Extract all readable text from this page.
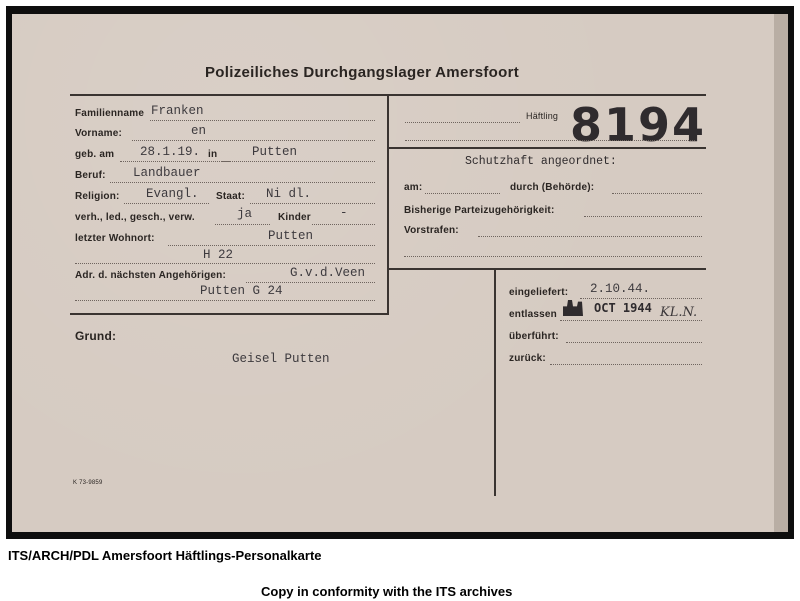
Polizeiliches Durchgangslager Amersfoort
Familienname Franken
Vorname:	en
geb. am 28.1.19. in	Putten
Beruf: Landbauer
Religion: Evangl. Staat: Ni dl.
verh., led., gesch., verw.	ja	Kinder -
letzter Wohnort:	Putten
H 22
Adr. d. nächsten Angehörigen:	G.v.d.Veen
Putten G 24
Grund:
Geisel Putten
Häftling 8194
Schutzhaft angeordnet:
am:	durch (Behörde):
Bisherige Parteizugehörigkeit:
Vorstrafen:
eingeliefert: 2.10.44.
entlassen	OCT 1944 KL.N.
überführt:
zurück:
K 73-9859
ITS/ARCH/PDL Amersfoort Häftlings-Personalkarte
Copy in conformity with the ITS archives
